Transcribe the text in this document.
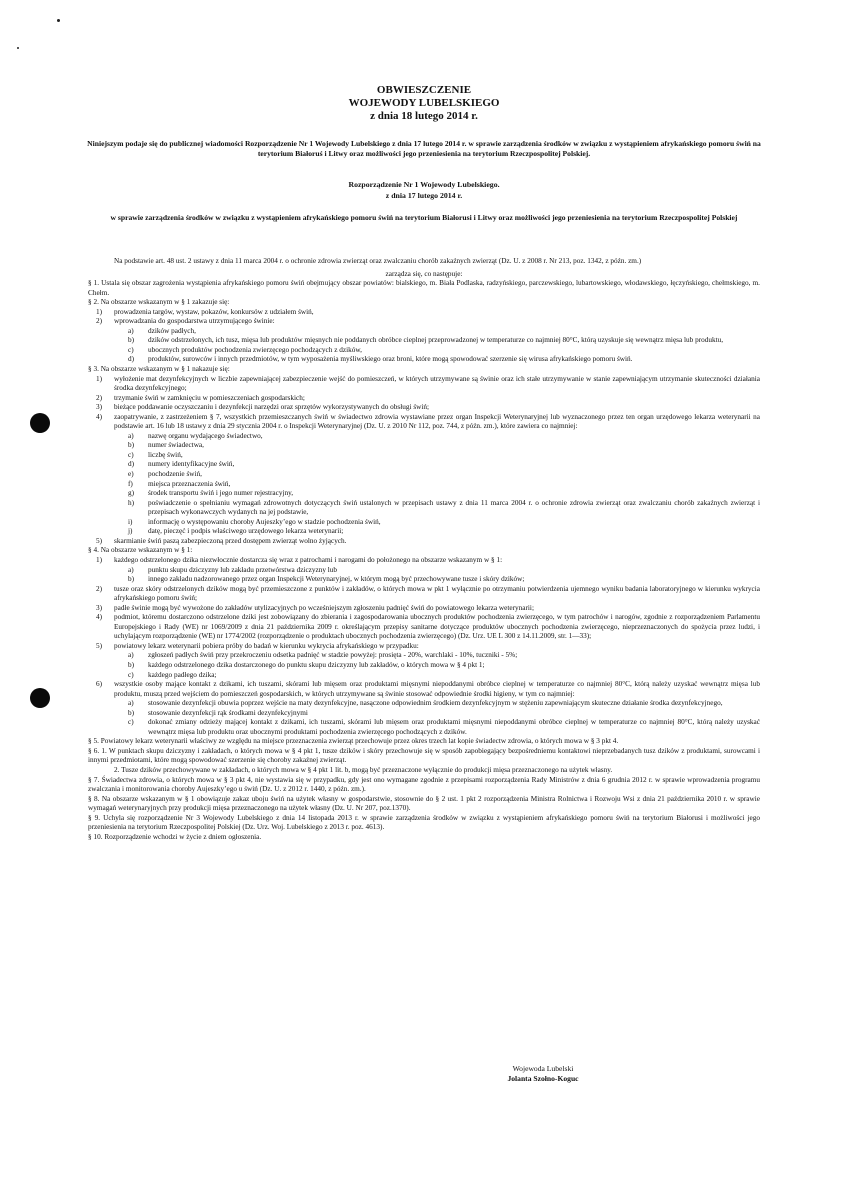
OBWIESZCZENIE
WOJEWODY LUBELSKIEGO
z dnia 18 lutego 2014 r.
Niniejszym podaje się do publicznej wiadomości Rozporządzenie Nr 1 Wojewody Lubelskiego z dnia 17 lutego 2014 r. w sprawie zarządzenia środków w związku z wystąpieniem afrykańskiego pomoru świń na terytorium Białoruś i Litwy oraz możliwości jego przeniesienia na terytorium Rzeczpospolitej Polskiej.
Rozporządzenie Nr 1 Wojewody Lubelskiego.
z dnia 17 lutego 2014 r.
w sprawie zarządzenia środków w związku z wystąpieniem afrykańskiego pomoru świń na terytorium Białorusi i Litwy oraz możliwości jego przeniesienia na terytorium Rzeczpospolitej Polskiej

Na podstawie art. 48 ust. 2 ustawy z dnia 11 marca 2004 r. o ochronie zdrowia zwierząt oraz zwalczaniu chorób zakaźnych zwierząt (Dz. U. z 2008 r. Nr 213, poz. 1342, z późn. zm.)

zarządza się, co następuje:

§ 1. Ustala się obszar zagrożenia wystąpienia afrykańskiego pomoru świń obejmujący obszar powiatów: bialskiego, m. Biała Podlaska, radzyńskiego, parczewskiego, lubartowskiego, włodawskiego, łęczyńskiego, chełmskiego, m. Chełm.

§ 2. Na obszarze wskazanym w § 1 zakazuje się:

1) prowadzenia targów, wystaw, pokazów, konkursów z udziałem świń,
2) wprowadzania do gospodarstwa utrzymującego świnie:
a) dzików padłych,
b) dzików odstrzelonych, ich tusz, mięsa lub produktów mięsnych nie poddanych obróbce cieplnej przeprowadzonej w temperaturze co najmniej 80°C, którą uzyskuje się wewnątrz mięsa lub produktu,
c) ubocznych produktów pochodzenia zwierzęcego pochodzących z dzików,
d) produktów, surowców i innych przedmiotów, w tym wyposażenia myśliwskiego oraz broni, które mogą spowodować szerzenie się wirusa afrykańskiego pomoru świń.

§ 3. Na obszarze wskazanym w § 1 nakazuje się:

1) wyłożenie mat dezynfekcyjnych w liczbie zapewniającej zabezpieczenie wejść do pomieszczeń, w których utrzymywane są świnie oraz ich stałe utrzymywanie w stanie zapewniającym utrzymanie skuteczności działania środka dezynfekcyjnego;
2) trzymanie świń w zamknięciu w pomieszczeniach gospodarskich;
3) bieżące poddawanie oczyszczaniu i dezynfekcji narzędzi oraz sprzętów wykorzystywanych do obsługi świń;
4) zaopatrywanie, z zastrzeżeniem § 7, wszystkich przemieszczanych świń w świadectwo zdrowia wystawiane przez organ Inspekcji Weterynaryjnej lub wyznaczonego przez ten organ urzędowego lekarza weterynarii na podstawie art. 16 lub 18 ustawy z dnia 29 stycznia 2004 r. o Inspekcji Weterynaryjnej (Dz. U. z 2010 Nr 112, poz. 744, z późn. zm.), które zawiera co najmniej:
a) nazwę organu wydającego świadectwo,
b) numer świadectwa,
c) liczbę świń,
d) numery identyfikacyjne świń,
e) pochodzenie świń,
f) miejsca przeznaczenia świń,
g) środek transportu świń i jego numer rejestracyjny,
h) poświadczenie o spełnianiu wymagań zdrowotnych dotyczących świń ustalonych w przepisach ustawy z dnia 11 marca 2004 r. o ochronie zdrowia zwierząt oraz zwalczaniu chorób zakaźnych zwierząt i przepisach wykonawczych wydanych na jej podstawie,
i) informację o występowaniu choroby Aujeszky’ego w stadzie pochodzenia świń,
j) datę, pieczęć i podpis właściwego urzędowego lekarza weterynarii;
5) skarmianie świń paszą zabezpieczoną przed dostępem zwierząt wolno żyjących.

§ 4. Na obszarze wskazanym w § 1:

1) każdego odstrzelonego dzika niezwłocznie dostarcza się wraz z patrochami i narogami do położonego na obszarze wskazanym w § 1:
a) punktu skupu dziczyzny lub zakładu przetwórstwa dziczyzny lub
b) innego zakładu nadzorowanego przez organ Inspekcji Weterynaryjnej, w którym mogą być przechowywane tusze i skóry dzików;
2) tusze oraz skóry odstrzelonych dzików mogą być przemieszczone z punktów i zakładów, o których mowa w pkt 1 wyłącznie po otrzymaniu potwierdzenia ujemnego wyniku badania laboratoryjnego w kierunku wykrycia afrykańskiego pomoru świń;
3) padłe świnie mogą być wywożone do zakładów utylizacyjnych po wcześniejszym zgłoszeniu padnięć świń do powiatowego lekarza weterynarii;
4) podmiot, któremu dostarczono odstrzelone dziki jest zobowiązany do zbierania i zagospodarowania ubocznych produktów pochodzenia zwierzęcego, w tym patrochów i narogów, zgodnie z rozporządzeniem Parlamentu Europejskiego i Rady (WE) nr 1069/2009 z dnia 21 października 2009 r. określającym przepisy sanitarne dotyczące produktów ubocznych pochodzenia zwierzęcego, nieprzeznaczonych do spożycia przez ludzi, i uchylającym rozporządzenie (WE) nr 1774/2002 (rozporządzenie o produktach ubocznych pochodzenia zwierzęcego) (Dz. Urz. UE L 300 z 14.11.2009, str. 1—33);
5) powiatowy lekarz weterynarii pobiera próby do badań w kierunku wykrycia afrykańskiego w przypadku:
a) zgłoszeń padłych świń przy przekroczeniu odsetka padnięć w stadzie powyżej: prosięta - 20%, warchlaki - 10%, tuczniki - 5%;
b) każdego odstrzelonego dzika dostarczonego do punktu skupu dziczyzny lub zakładów, o których mowa w § 4 pkt 1;
c) każdego padłego dzika;
6) wszystkie osoby mające kontakt z dzikami, ich tuszami, skórami lub mięsem oraz produktami mięsnymi niepoddanymi obróbce cieplnej w temperaturze co najmniej 80°C, którą należy uzyskać wewnątrz mięsa lub produktu, muszą przed wejściem do pomieszczeń gospodarskich, w których utrzymywane są świnie stosować odpowiednie środki higieny, w tym co najmniej:
a) stosowanie dezynfekcji obuwia poprzez wejście na maty dezynfekcyjne, nasączone odpowiednim środkiem dezynfekcyjnym w stężeniu zapewniającym skuteczne działanie środka dezynfekcyjnego,
b) stosowanie dezynfekcji rąk środkami dezynfekcyjnymi
c) dokonać zmiany odzieży mającej kontakt z dzikami, ich tuszami, skórami lub mięsem oraz produktami mięsnymi niepoddanymi obróbce cieplnej w temperaturze co najmniej 80°C, którą należy uzyskać wewnątrz mięsa lub produktu oraz ubocznymi produktami pochodzenia zwierzęcego pochodzących z dzików.

§ 5. Powiatowy lekarz weterynarii właściwy ze względu na miejsce przeznaczenia zwierząt przechowuje przez okres trzech lat kopie świadectw zdrowia, o których mowa w § 3 pkt 4.

§ 6. 1. W punktach skupu dziczyzny i zakładach, o których mowa w § 4 pkt 1, tusze dzików i skóry przechowuje się w sposób zapobiegający bezpośredniemu kontaktowi nieprzebadanych tusz dzików z produktami, surowcami i innymi przedmiotami, które mogą spowodować szerzenie się choroby zakaźnej zwierząt.

2. Tusze dzików przechowywane w zakładach, o których mowa w § 4 pkt 1 lit. b, mogą być przeznaczone wyłącznie do produkcji mięsa przeznaczonego na użytek własny.

§ 7. Świadectwa zdrowia, o których mowa w § 3 pkt 4, nie wystawia się w przypadku, gdy jest ono wymagane zgodnie z przepisami rozporządzenia Rady Ministrów z dnia 6 grudnia 2012 r. w sprawie wprowadzenia programu zwalczania i monitorowania choroby Aujeszky’ego u świń (Dz. U. z 2012 r. 1440, z późn. zm.).

§ 8. Na obszarze wskazanym w § 1 obowiązuje zakaz uboju świń na użytek własny w gospodarstwie, stosownie do § 2 ust. 1 pkt 2 rozporządzenia Ministra Rolnictwa i Rozwoju Wsi z dnia 21 października 2010 r. w sprawie wymagań weterynaryjnych przy produkcji mięsa przeznaczonego na użytek własny (Dz. U. Nr 207, poz.1370).

§ 9. Uchyla się rozporządzenie Nr 3 Wojewody Lubelskiego z dnia 14 listopada 2013 r. w sprawie zarządzenia środków w związku z wystąpieniem afrykańskiego pomoru świń na terytorium Białorusi i możliwości jego przeniesienia na terytorium Rzeczpospolitej Polskiej (Dz. Urz. Woj. Lubelskiego z 2013 r. poz. 4613).

§ 10. Rozporządzenie wchodzi w życie z dniem ogłoszenia.

Wojewoda Lubelski
Jolanta Szołno-Koguc
